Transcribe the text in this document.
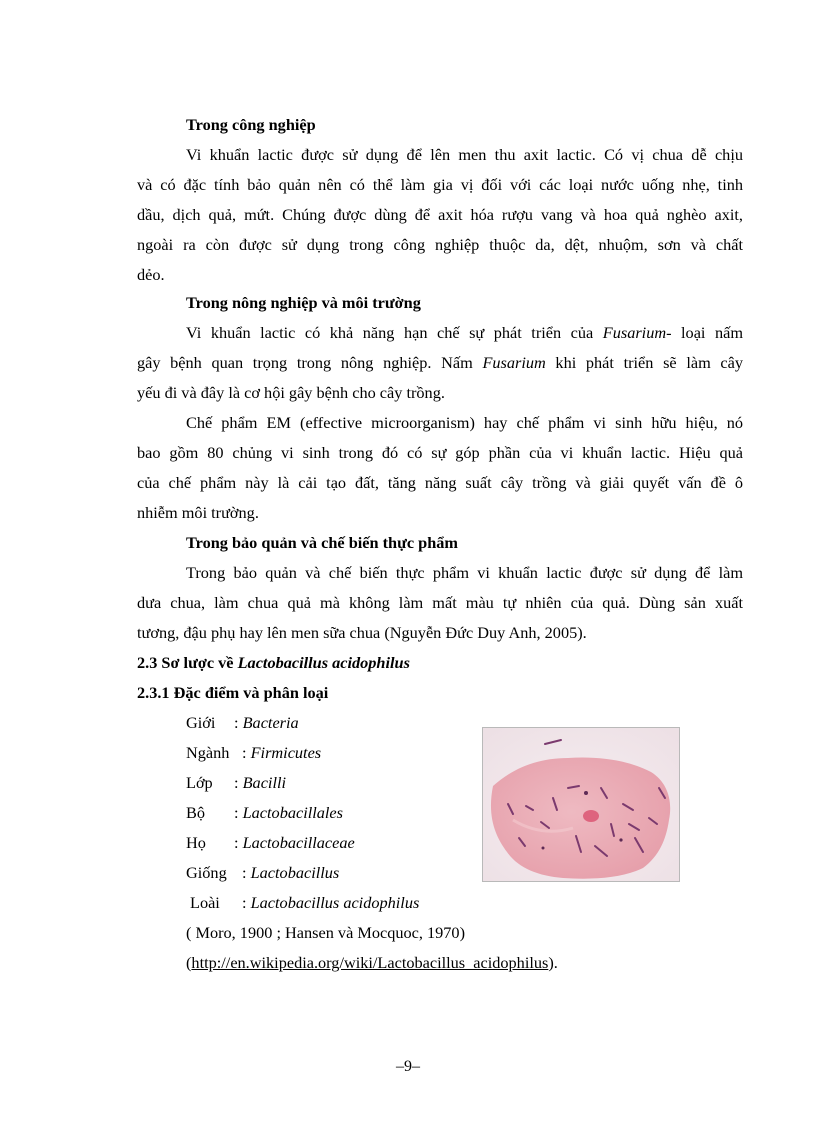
Trong công nghiệp
Vi khuẩn lactic được sử dụng để lên men thu axit lactic. Có vị chua dễ chịu
và có đặc tính bảo quản nên có thể làm gia vị đối với các loại nước uống nhẹ, tinh
dầu, dịch quả, mứt. Chúng được dùng để axit hóa rượu vang và hoa quả nghèo axit,
ngoài ra còn được sử dụng trong công nghiệp thuộc da, dệt, nhuộm, sơn và chất
dẻo.
Trong nông nghiệp và môi trường
Vi khuẩn lactic có khả năng hạn chế sự phát triển của Fusarium- loại nấm
gây bệnh quan trọng trong nông nghiệp. Nấm Fusarium khi phát triển sẽ làm cây
yếu đi và đây là cơ hội gây bệnh cho cây trồng.
Chế phẩm EM (effective microorganism) hay chế phẩm vi sinh hữu hiệu, nó
bao gồm 80 chủng vi sinh trong đó có sự góp phần của vi khuẩn lactic. Hiệu quả
của chế phẩm này là cải tạo đất, tăng năng suất cây trồng và giải quyết vấn đề ô
nhiễm môi trường.
Trong bảo quản và chế biến thực phẩm
Trong bảo quản và chế biến thực phẩm vi khuẩn lactic được sử dụng để làm
dưa chua, làm chua quả mà không làm mất màu tự nhiên của quả. Dùng sản xuất
tương, đậu phụ hay lên men sữa chua (Nguyễn Đức Duy Anh, 2005).
2.3 Sơ lược về Lactobacillus acidophilus
2.3.1 Đặc điểm và phân loại
Giới : Bacteria
Ngành : Firmicutes
Lớp : Bacilli
Bộ : Lactobacillales
Họ : Lactobacillaceae
Giống : Lactobacillus
Loài : Lactobacillus acidophilus
( Moro, 1900 ; Hansen và Mocquoc, 1970)
(http://en.wikipedia.org/wiki/Lactobacillus_acidophilus).
–9–
